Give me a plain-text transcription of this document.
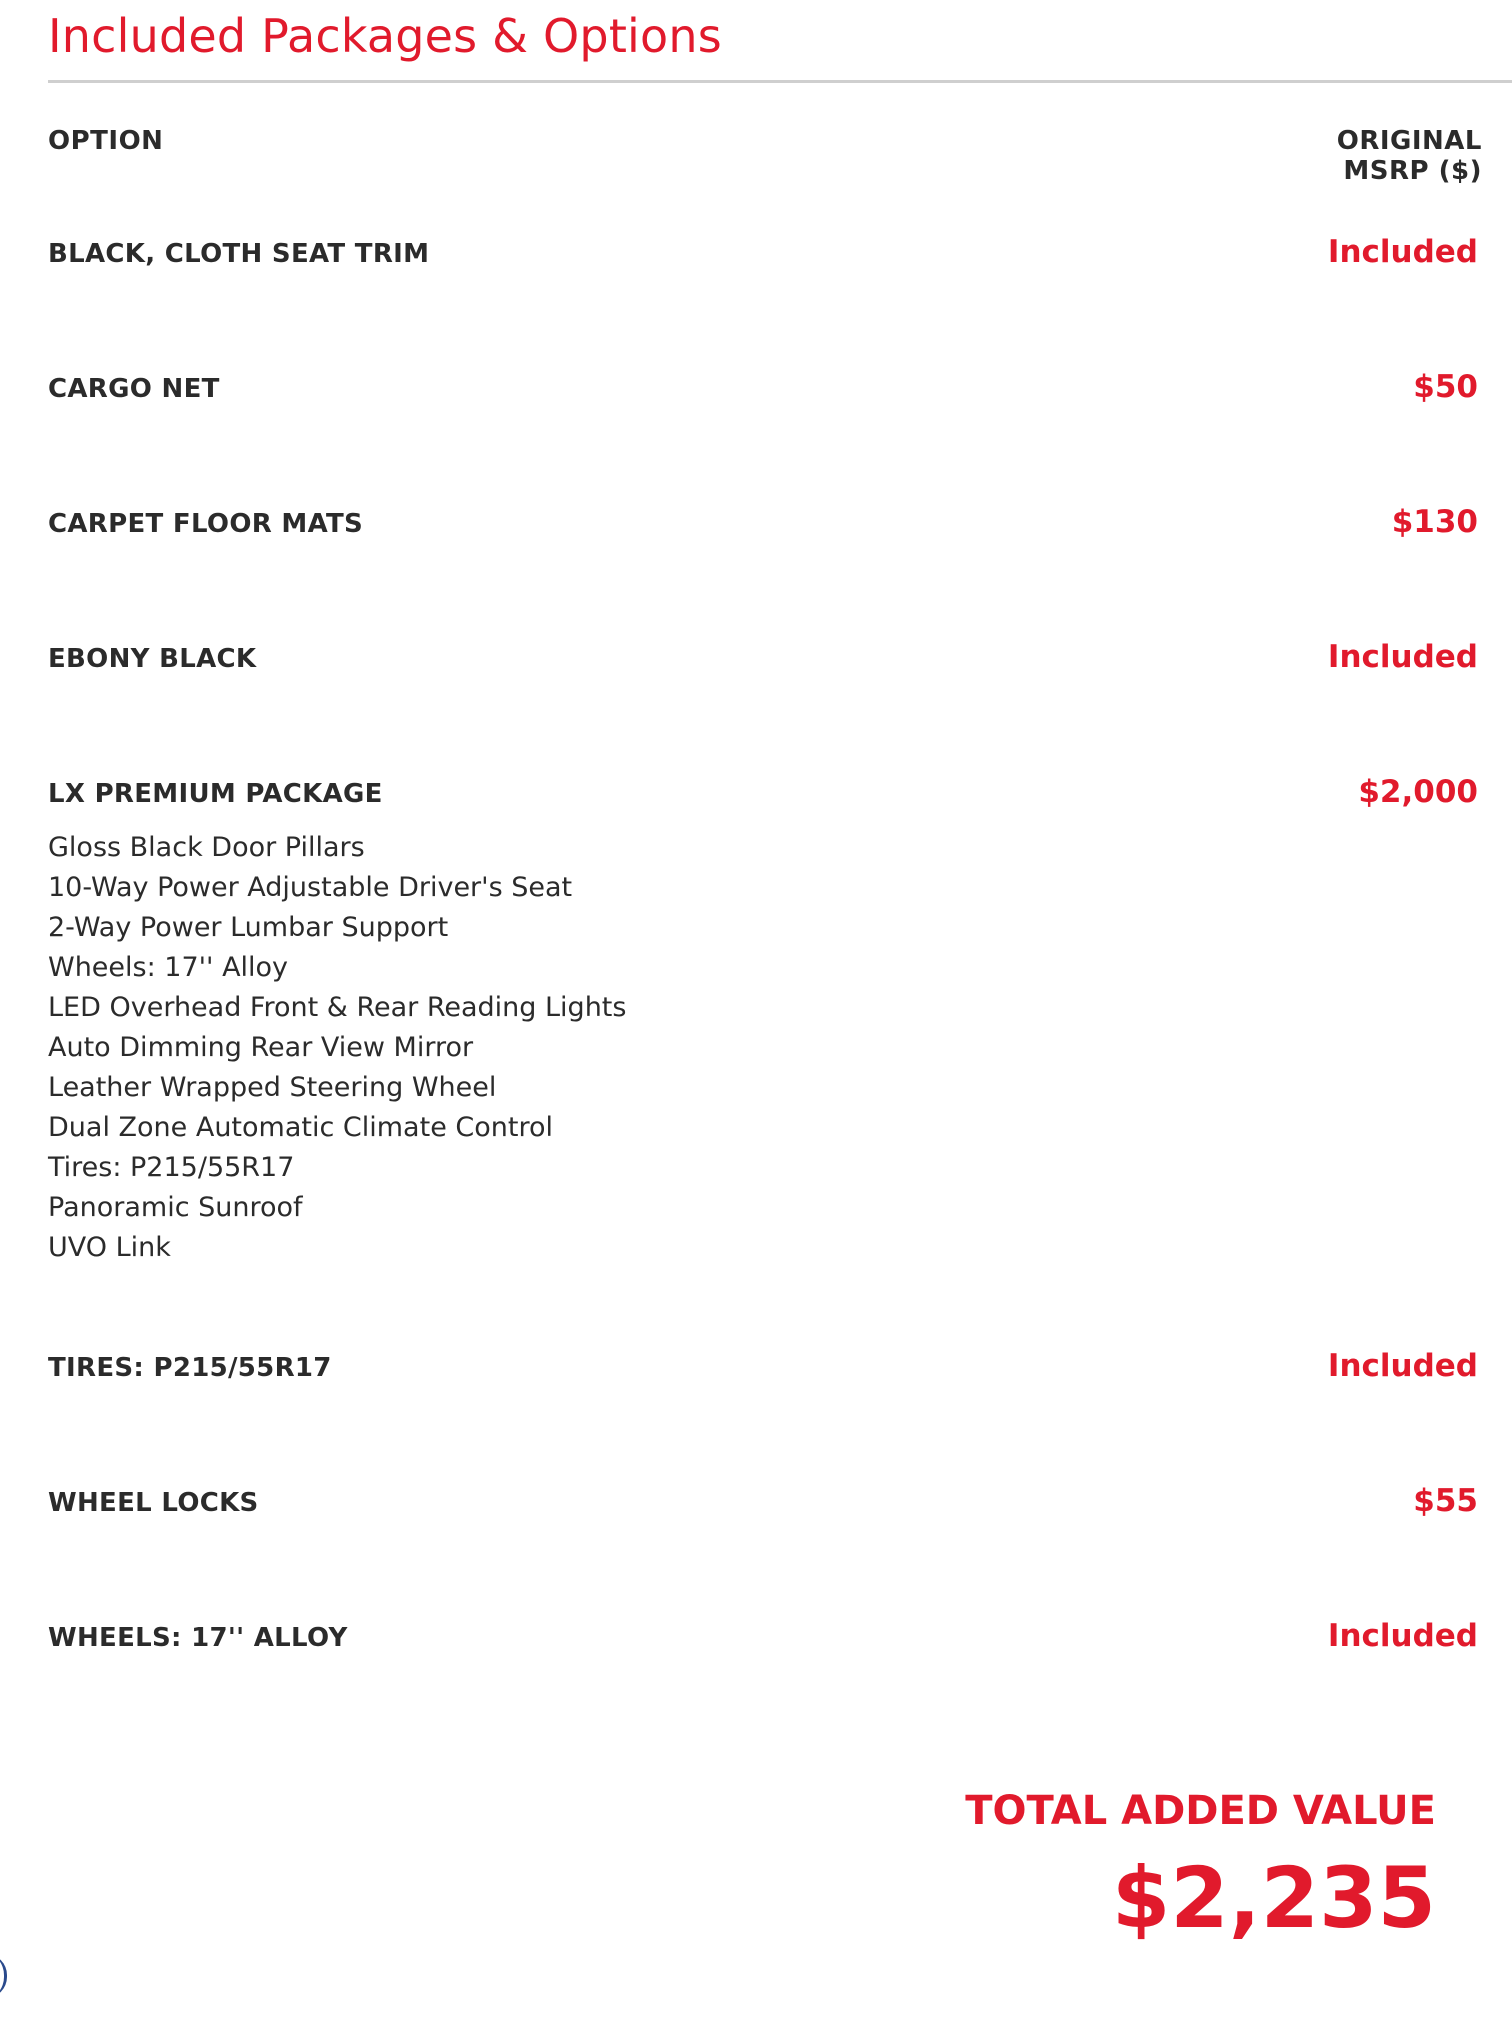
Included Packages & Options
OPTION	ORIGINAL
MSRP ($)
BLACK, CLOTH SEAT TRIM	Included
CARGO NET	$50
CARPET FLOOR MATS	$130
EBONY BLACK	Included
LX PREMIUM PACKAGE	$2,000
Gloss Black Door Pillars
10-Way Power Adjustable Driver's Seat
2-Way Power Lumbar Support
Wheels: 17'' Alloy
LED Overhead Front & Rear Reading Lights
Auto Dimming Rear View Mirror
Leather Wrapped Steering Wheel
Dual Zone Automatic Climate Control
Tires: P215/55R17
Panoramic Sunroof
UVO Link
TIRES: P215/55R17	Included
WHEEL LOCKS	$55
WHEELS: 17'' ALLOY	Included
TOTAL ADDED VALUE
$2,235
